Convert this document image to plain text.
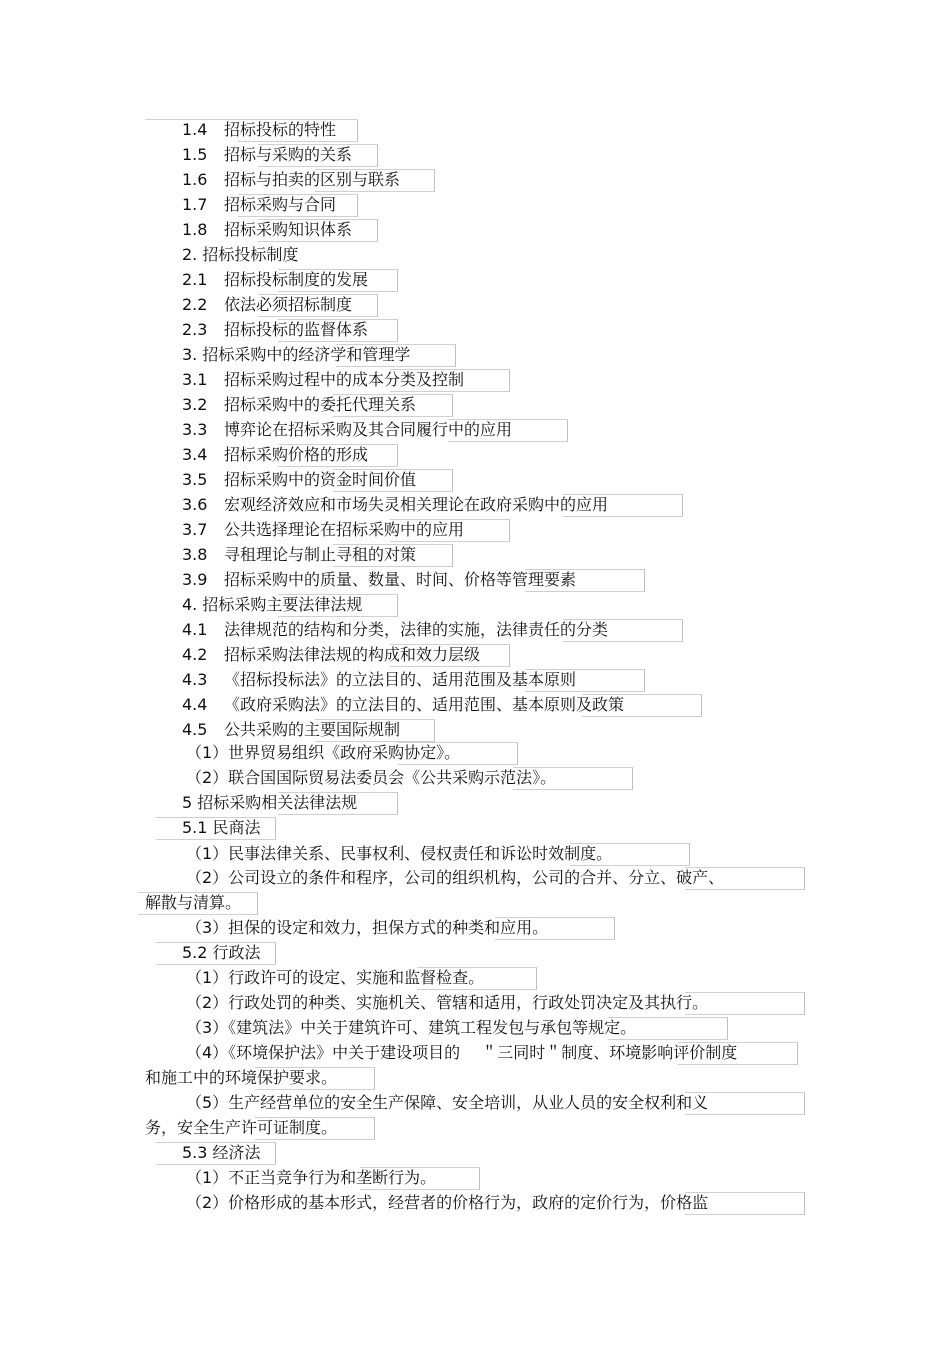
1.4 招标投标的特性
1.5 招标与采购的关系
1.6 招标与拍卖的区别与联系
1.7 招标采购与合同
1.8 招标采购知识体系
2. 招标投标制度
2.1 招标投标制度的发展
2.2 依法必须招标制度
2.3 招标投标的监督体系
3. 招标采购中的经济学和管理学
3.1 招标采购过程中的成本分类及控制
3.2 招标采购中的委托代理关系
3.3 博弈论在招标采购及其合同履行中的应用
3.4 招标采购价格的形成
3.5 招标采购中的资金时间价值
3.6 宏观经济效应和市场失灵相关理论在政府采购中的应用
3.7 公共选择理论在招标采购中的应用
3.8 寻租理论与制止寻租的对策
3.9 招标采购中的质量、数量、时间、价格等管理要素
4. 招标采购主要法律法规
4.1 法律规范的结构和分类，法律的实施，法律责任的分类
4.2 招标采购法律法规的构成和效力层级
4.3 《招标投标法》的立法目的、适用范围及基本原则
4.4 《政府采购法》的立法目的、适用范围、基本原则及政策
4.5 公共采购的主要国际规制
（1）世界贸易组织《政府采购协定》。
（2）联合国国际贸易法委员会《公共采购示范法》。
5 招标采购相关法律法规
5.1 民商法
（1）民事法律关系、民事权利、侵权责任和诉讼时效制度。
（2）公司设立的条件和程序，公司的组织机构，公司的合并、分立、破产、
解散与清算。
（3）担保的设定和效力，担保方式的种类和应用。
5.2 行政法
（1）行政许可的设定、实施和监督检查。
（2）行政处罚的种类、实施机关、管辖和适用，行政处罚决定及其执行。
（3）《建筑法》中关于建筑许可、建筑工程发包与承包等规定。
（4）《环境保护法》中关于建设项目的　 ＂三同时＂制度、环境影响评价制度
和施工中的环境保护要求。
（5）生产经营单位的安全生产保障、安全培训，从业人员的安全权利和义
务，安全生产许可证制度。
5.3 经济法
（1）不正当竞争行为和垄断行为。
（2）价格形成的基本形式，经营者的价格行为，政府的定价行为，价格监
